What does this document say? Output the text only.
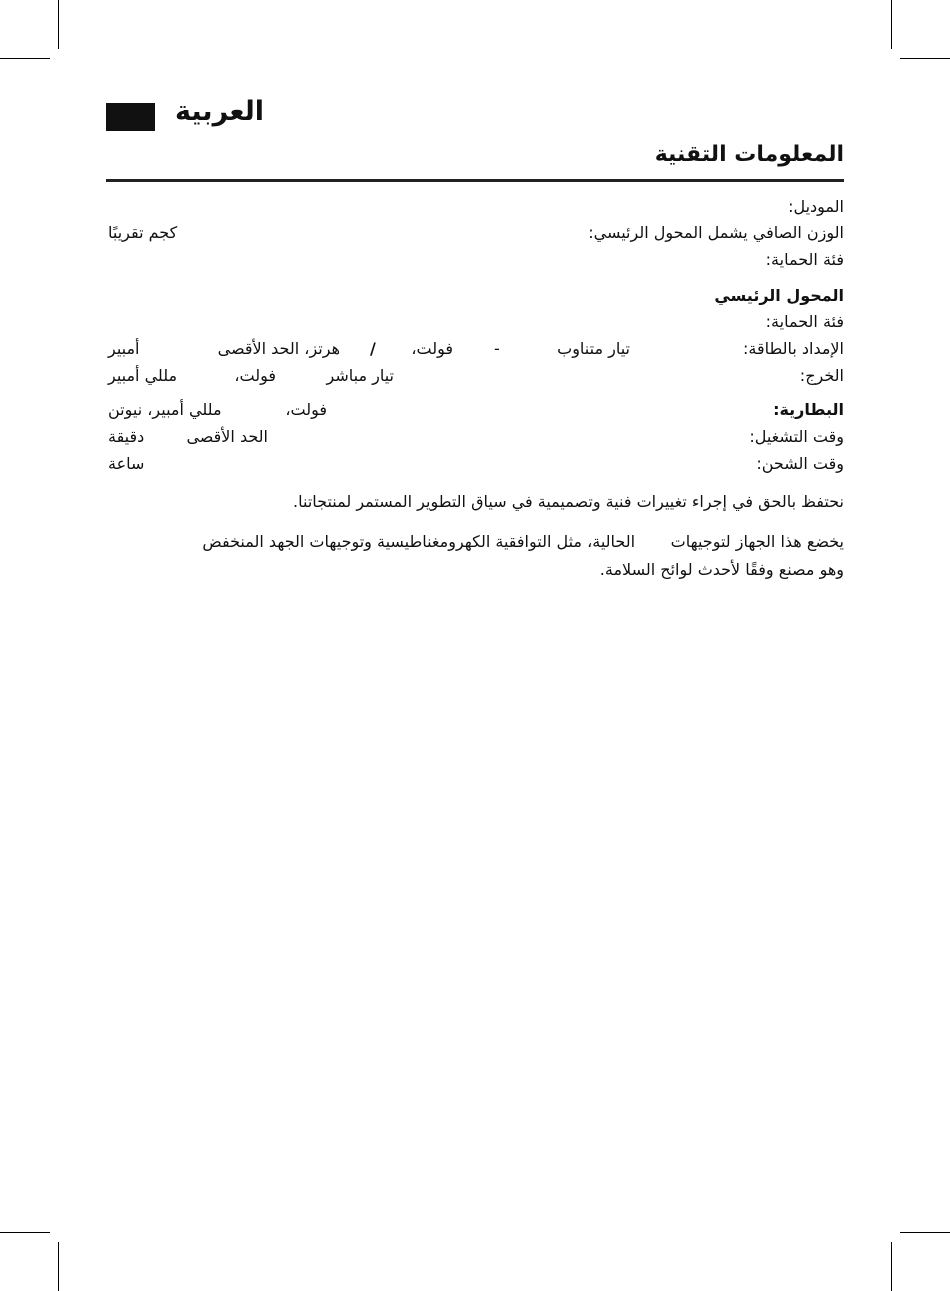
العربية
المعلومات التقنية
الموديل:
الوزن الصافي يشمل المحول الرئيسي:
كجم تقريبًا
فئة الحماية:
المحول الرئيسي
فئة الحماية:
الإمداد بالطاقة:
تيار متناوب
-
فولت،
/
هرتز، الحد الأقصى
أمبير
الخرج:
تيار مباشر
فولت،
مللي أمبير
البطارية:
فولت،
مللي أمبير، نيوتن
وقت التشغيل:
الحد الأقصى
دقيقة
وقت الشحن:
ساعة
نحتفظ بالحق في إجراء تغييرات فنية وتصميمية في سياق التطوير المستمر لمنتجاتنا.
يخضع هذا الجهاز لتوجيهات       الحالية، مثل التوافقية الكهرومغناطيسية وتوجيهات الجهد المنخفض
وهو مصنع وفقًا لأحدث لوائح السلامة.
